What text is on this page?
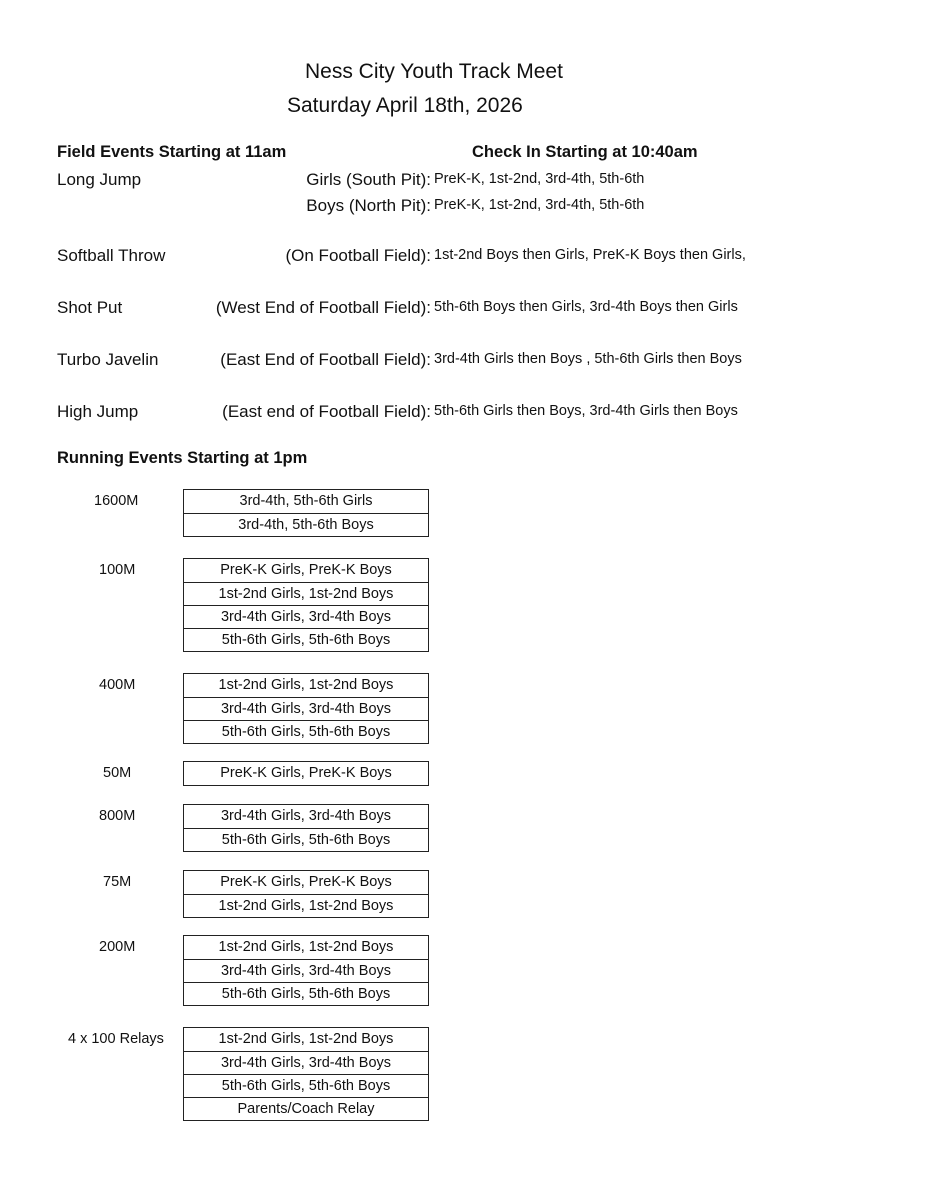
Ness City Youth Track Meet
Saturday April 18th, 2026
Field Events Starting at 11am	Check In Starting at 10:40am
Long Jump	Girls (South Pit): PreK-K, 1st-2nd, 3rd-4th, 5th-6th
Boys (North Pit): PreK-K, 1st-2nd, 3rd-4th, 5th-6th
Softball Throw	(On Football Field): 1st-2nd Boys then Girls, PreK-K Boys then Girls,
Shot Put	(West End of Football Field): 5th-6th Boys then Girls, 3rd-4th Boys then Girls
Turbo Javelin	(East End of Football Field): 3rd-4th Girls then Boys , 5th-6th Girls then Boys
High Jump	(East end of Football Field): 5th-6th Girls then Boys, 3rd-4th Girls then Boys
Running Events Starting at 1pm
1600M	3rd-4th, 5th-6th Girls
3rd-4th, 5th-6th Boys
100M	PreK-K Girls, PreK-K Boys
1st-2nd Girls, 1st-2nd Boys
3rd-4th Girls, 3rd-4th Boys
5th-6th Girls, 5th-6th Boys
400M	1st-2nd Girls, 1st-2nd Boys
3rd-4th Girls, 3rd-4th Boys
5th-6th Girls, 5th-6th Boys
50M	PreK-K Girls, PreK-K Boys
800M	3rd-4th Girls, 3rd-4th Boys
5th-6th Girls, 5th-6th Boys
75M	PreK-K Girls, PreK-K Boys
1st-2nd Girls, 1st-2nd Boys
200M	1st-2nd Girls, 1st-2nd Boys
3rd-4th Girls, 3rd-4th Boys
5th-6th Girls, 5th-6th Boys
4 x 100 Relays	1st-2nd Girls, 1st-2nd Boys
3rd-4th Girls, 3rd-4th Boys
5th-6th Girls, 5th-6th Boys
Parents/Coach Relay
